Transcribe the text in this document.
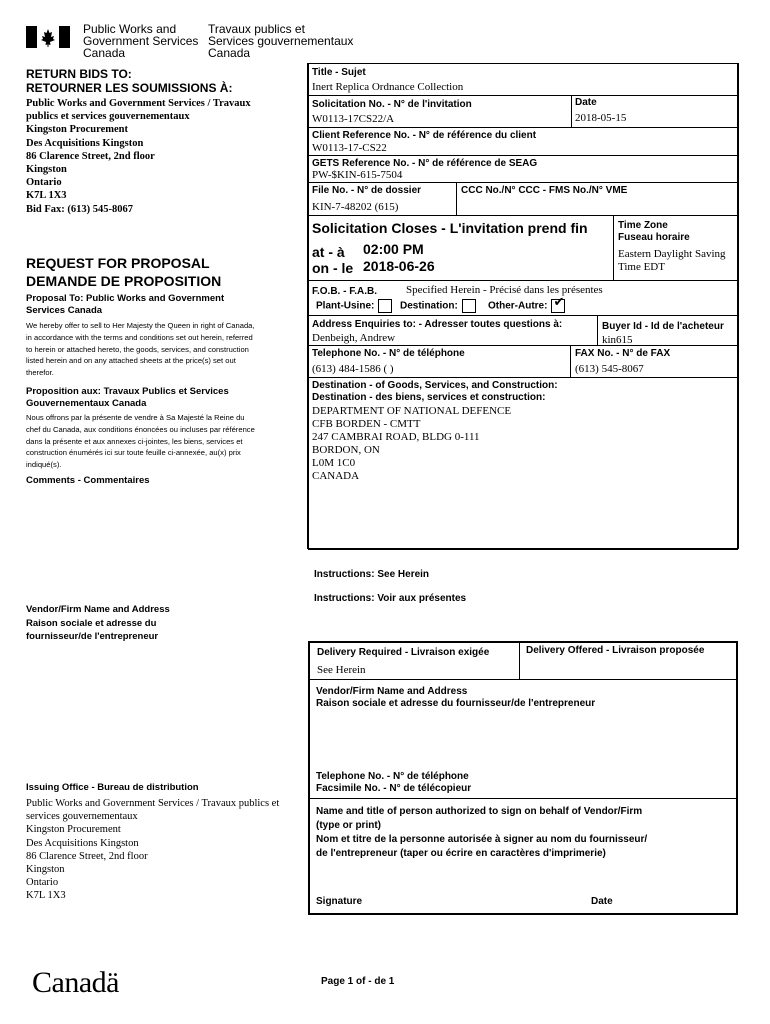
Public Works and
Government Services
Canada
Travaux publics et
Services gouvernementaux
Canada
RETURN BIDS TO:
RETOURNER LES SOUMISSIONS À:
Public Works and Government Services / Travaux
publics et services gouvernementaux
Kingston Procurement
Des Acquisitions Kingston
86 Clarence Street, 2nd floor
Kingston
Ontario
K7L 1X3
Bid Fax: (613) 545-8067
REQUEST FOR PROPOSAL
DEMANDE DE PROPOSITION
Proposal To: Public Works and Government Services Canada
We hereby offer to sell to Her Majesty the Queen in right of Canada, in accordance with the terms and conditions set out herein, referred to herein or attached hereto, the goods, services, and construction listed herein and on any attached sheets at the price(s) set out therefor.
Proposition aux: Travaux Publics et Services Gouvernementaux Canada
Nous offrons par la présente de vendre à Sa Majesté la Reine du chef du Canada, aux conditions énoncées ou incluses par référence dans la présente et aux annexes ci-jointes, les biens, services et construction énumérés ici sur toute feuille ci-annexée, au(x) prix indiqué(s).
Comments - Commentaires
Vendor/Firm Name and Address
Raison sociale et adresse du
fournisseur/de l'entrepreneur
Issuing Office - Bureau de distribution
Public Works and Government Services / Travaux publics et
services gouvernementaux
Kingston Procurement
Des Acquisitions Kingston
86 Clarence Street, 2nd floor
Kingston
Ontario
K7L 1X3
Title - Sujet
Inert Replica Ordnance Collection
Solicitation No. - N° de l'invitation
W0113-17CS22/A
Date
2018-05-15
Client Reference No. - N° de référence du client
W0113-17-CS22
GETS Reference No. - N° de référence de SEAG
PW-$KIN-615-7504
File No. - N° de dossier
KIN-7-48202 (615)
CCC No./N° CCC - FMS No./N° VME
Solicitation Closes - L'invitation prend fin
at - à 02:00 PM
on - le 2018-06-26
Time Zone
Fuseau horaire
Eastern Daylight Saving
Time EDT
F.O.B. - F.A.B.	Specified Herein - Précisé dans les présentes
Plant-Usine:	Destination:	Other-Autre: ✔
Address Enquiries to: - Adresser toutes questions à:
Denbeigh, Andrew
Buyer Id - Id de l'acheteur
kin615
Telephone No. - N° de téléphone
(613) 484-1586 ( )
FAX No. - N° de FAX
(613) 545-8067
Destination - of Goods, Services, and Construction:
Destination - des biens, services et construction:
DEPARTMENT OF NATIONAL DEFENCE
CFB BORDEN - CMTT
247 CAMBRAI ROAD, BLDG 0-111
BORDON, ON
L0M 1C0
CANADA
Instructions: See Herein
Instructions: Voir aux présentes
Delivery Required - Livraison exigée
See Herein
Delivery Offered - Livraison proposée
Vendor/Firm Name and Address
Raison sociale et adresse du fournisseur/de l'entrepreneur
Telephone No. - N° de téléphone
Facsimile No. - N° de télécopieur
Name and title of person authorized to sign on behalf of Vendor/Firm
(type or print)
Nom et titre de la personne autorisée à signer au nom du fournisseur/
de l'entrepreneur (taper ou écrire en caractères d'imprimerie)
Signature	Date
Page 1 of - de 1
Canadä
